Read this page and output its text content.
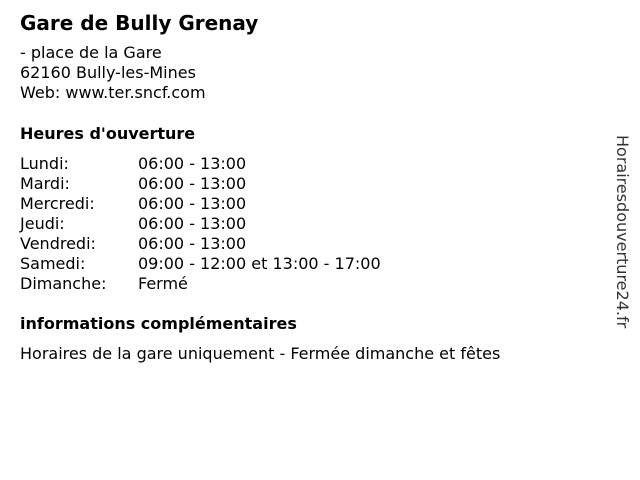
Gare de Bully Grenay
- place de la Gare
62160 Bully-les-Mines
Web: www.ter.sncf.com
Heures d'ouverture
Lundi:	06:00 - 13:00
Mardi:	06:00 - 13:00
Mercredi:	06:00 - 13:00
Jeudi:	06:00 - 13:00
Vendredi:	06:00 - 13:00
Samedi:	09:00 - 12:00 et 13:00 - 17:00
Dimanche: Fermé
informations complémentaires
Horaires de la gare uniquement - Fermée dimanche et fêtes
Horairesdouverture24.fr
